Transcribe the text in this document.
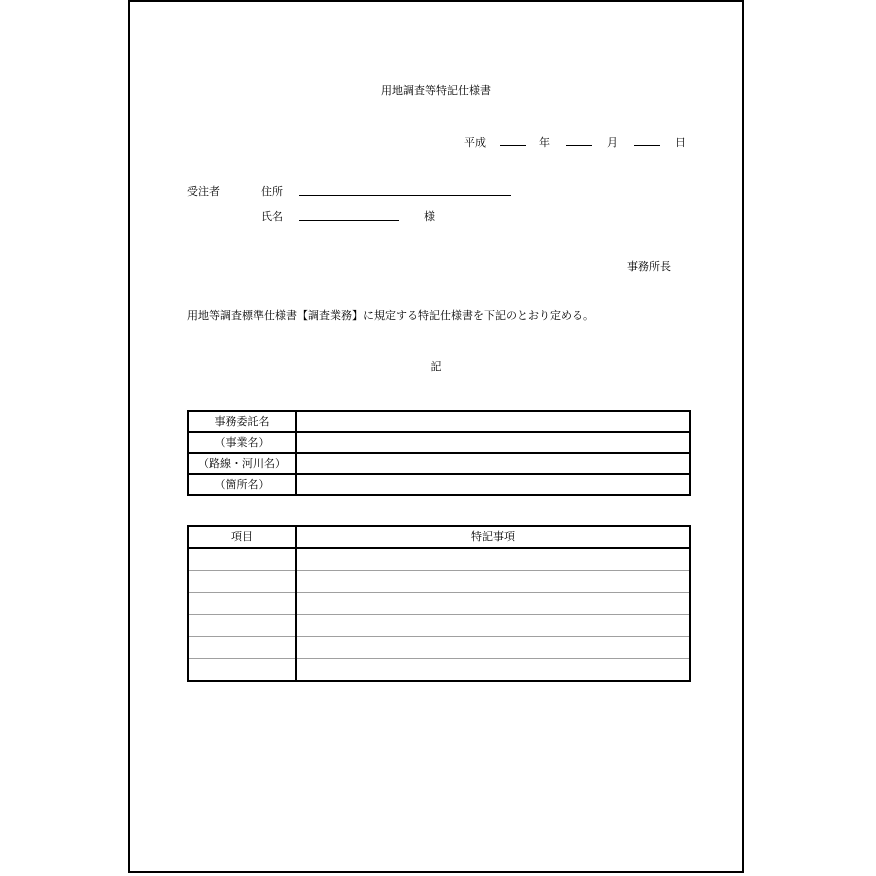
用地調査等特記仕様書
平成	年	月	日
受注者	住所
氏名	様
事務所長
用地等調査標準仕様書【調査業務】に規定する特記仕様書を下記のとおり定める。
記
事務委託名	
（事業名）	
（路線・河川名）	
（箇所名）	
項目	特記事項
